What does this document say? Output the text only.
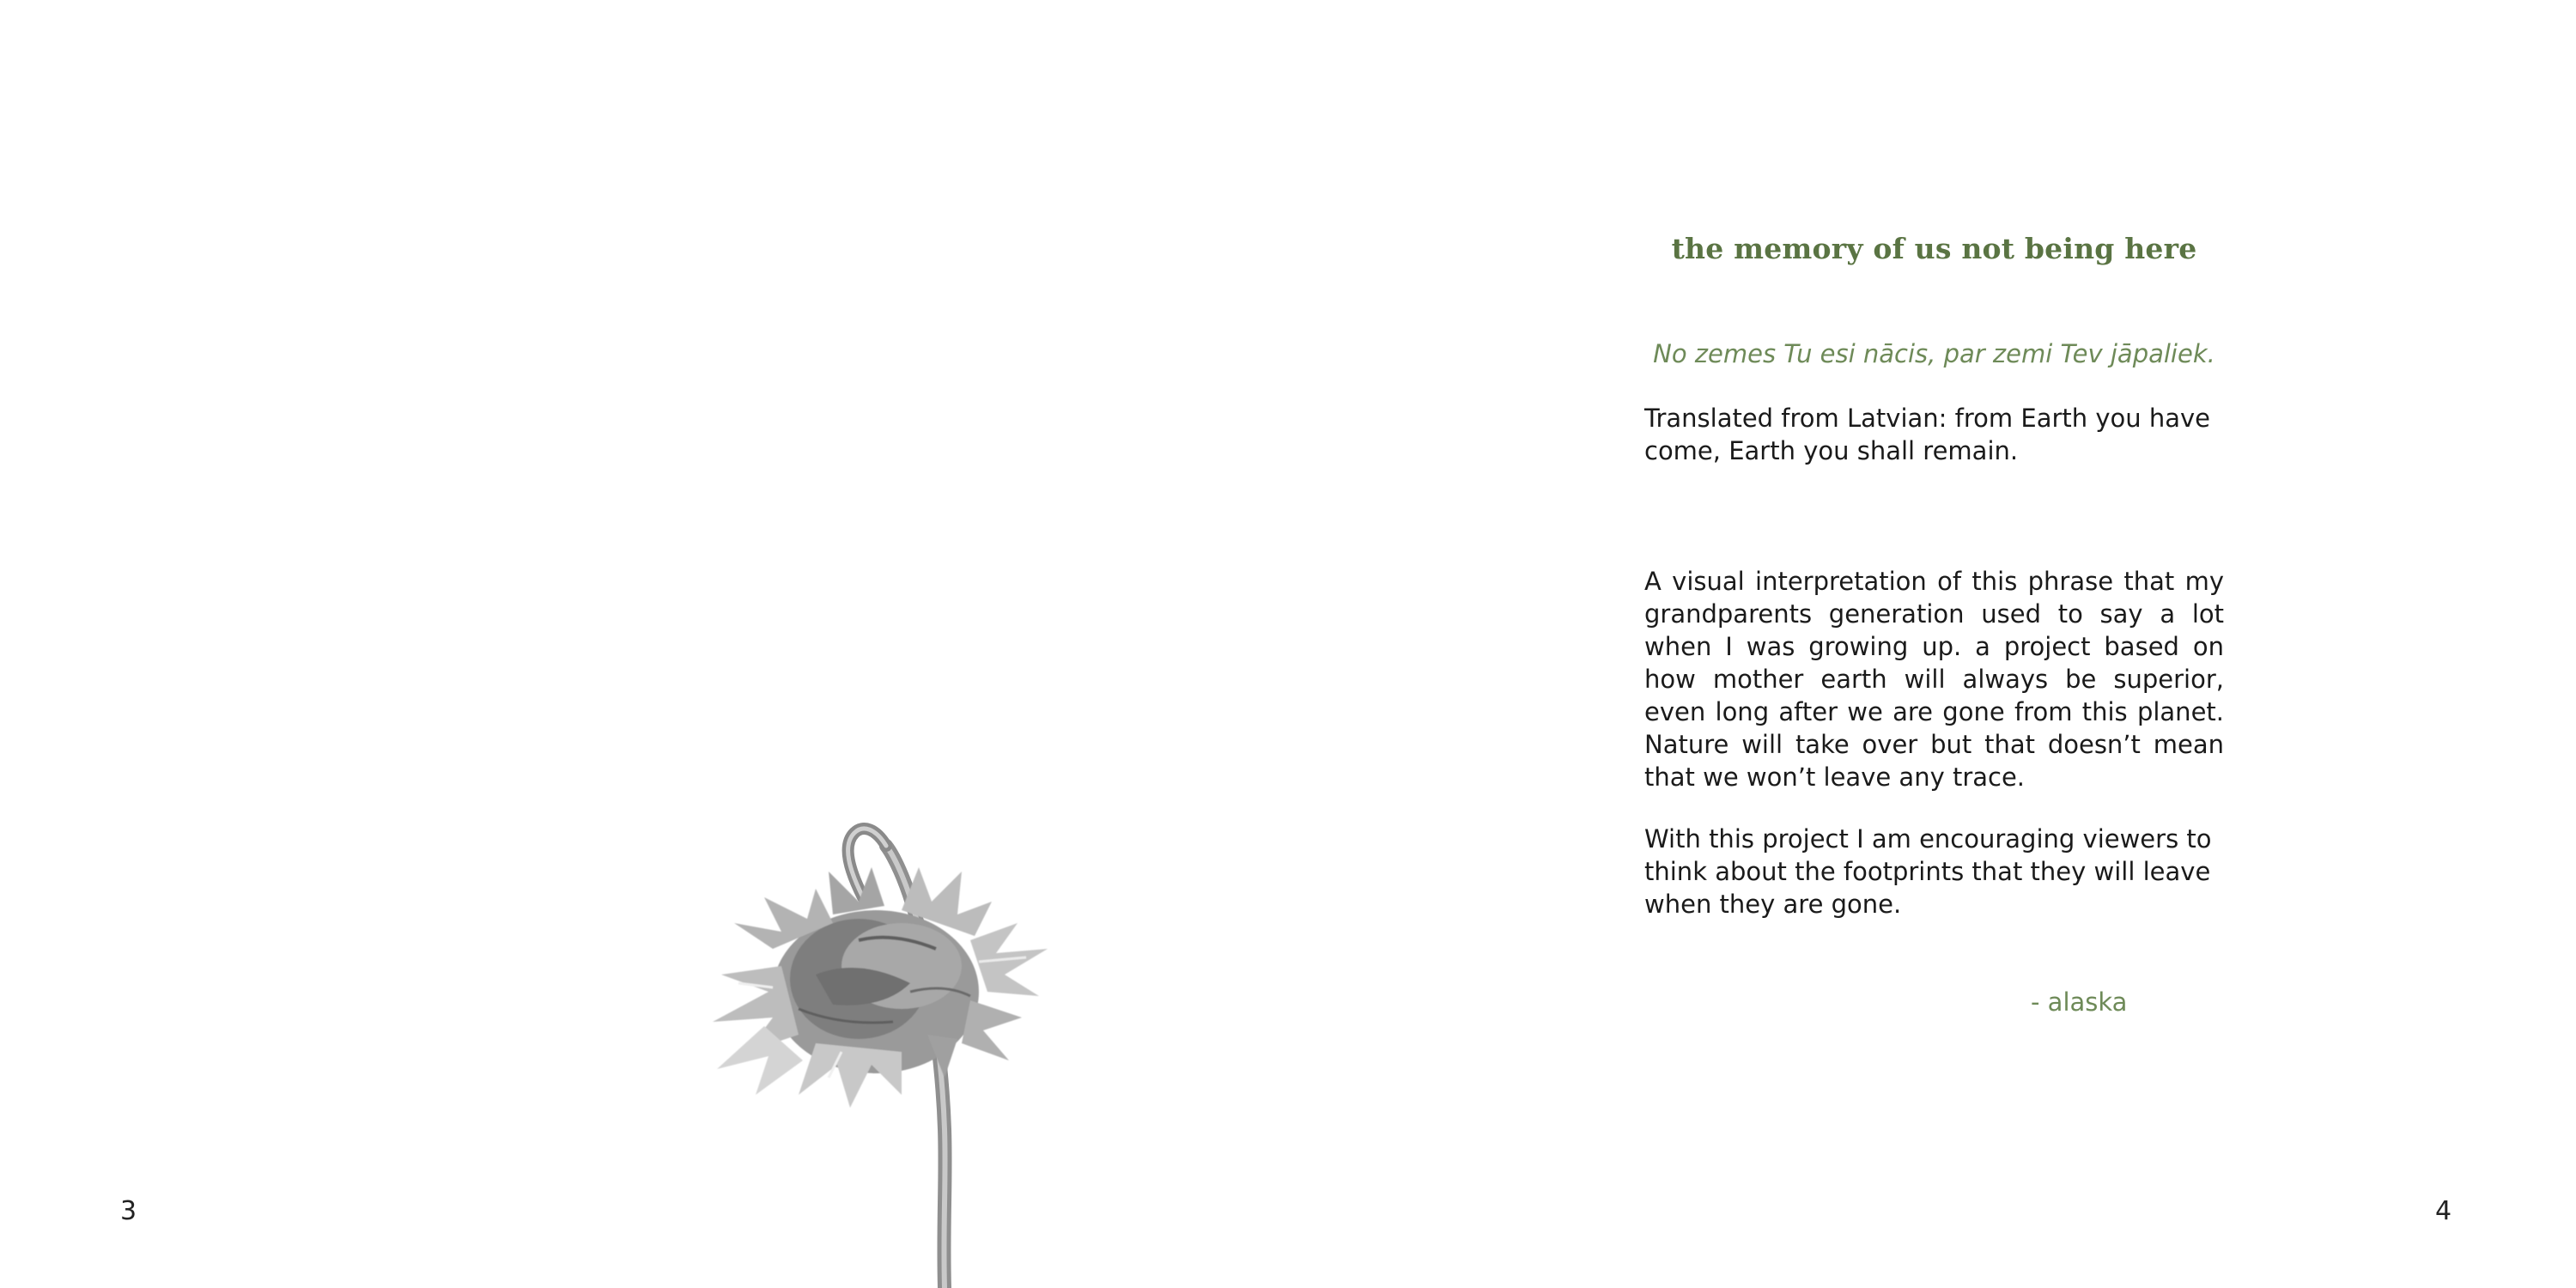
3
the memory of us not being here
No zemes Tu esi nācis, par zemi Tev jāpaliek.
Translated from Latvian: from Earth you have come, Earth you shall remain.
A visual interpretation of this phrase that my grandparents generation used to say a lot when I was growing up. a project based on how mother earth will always be superior, even long after we are gone from this planet. Nature will take over but that doesn’t mean that we won’t leave any trace.
With this project I am encouraging viewers to think about the footprints that they will leave when they are gone.
- alaska
4
